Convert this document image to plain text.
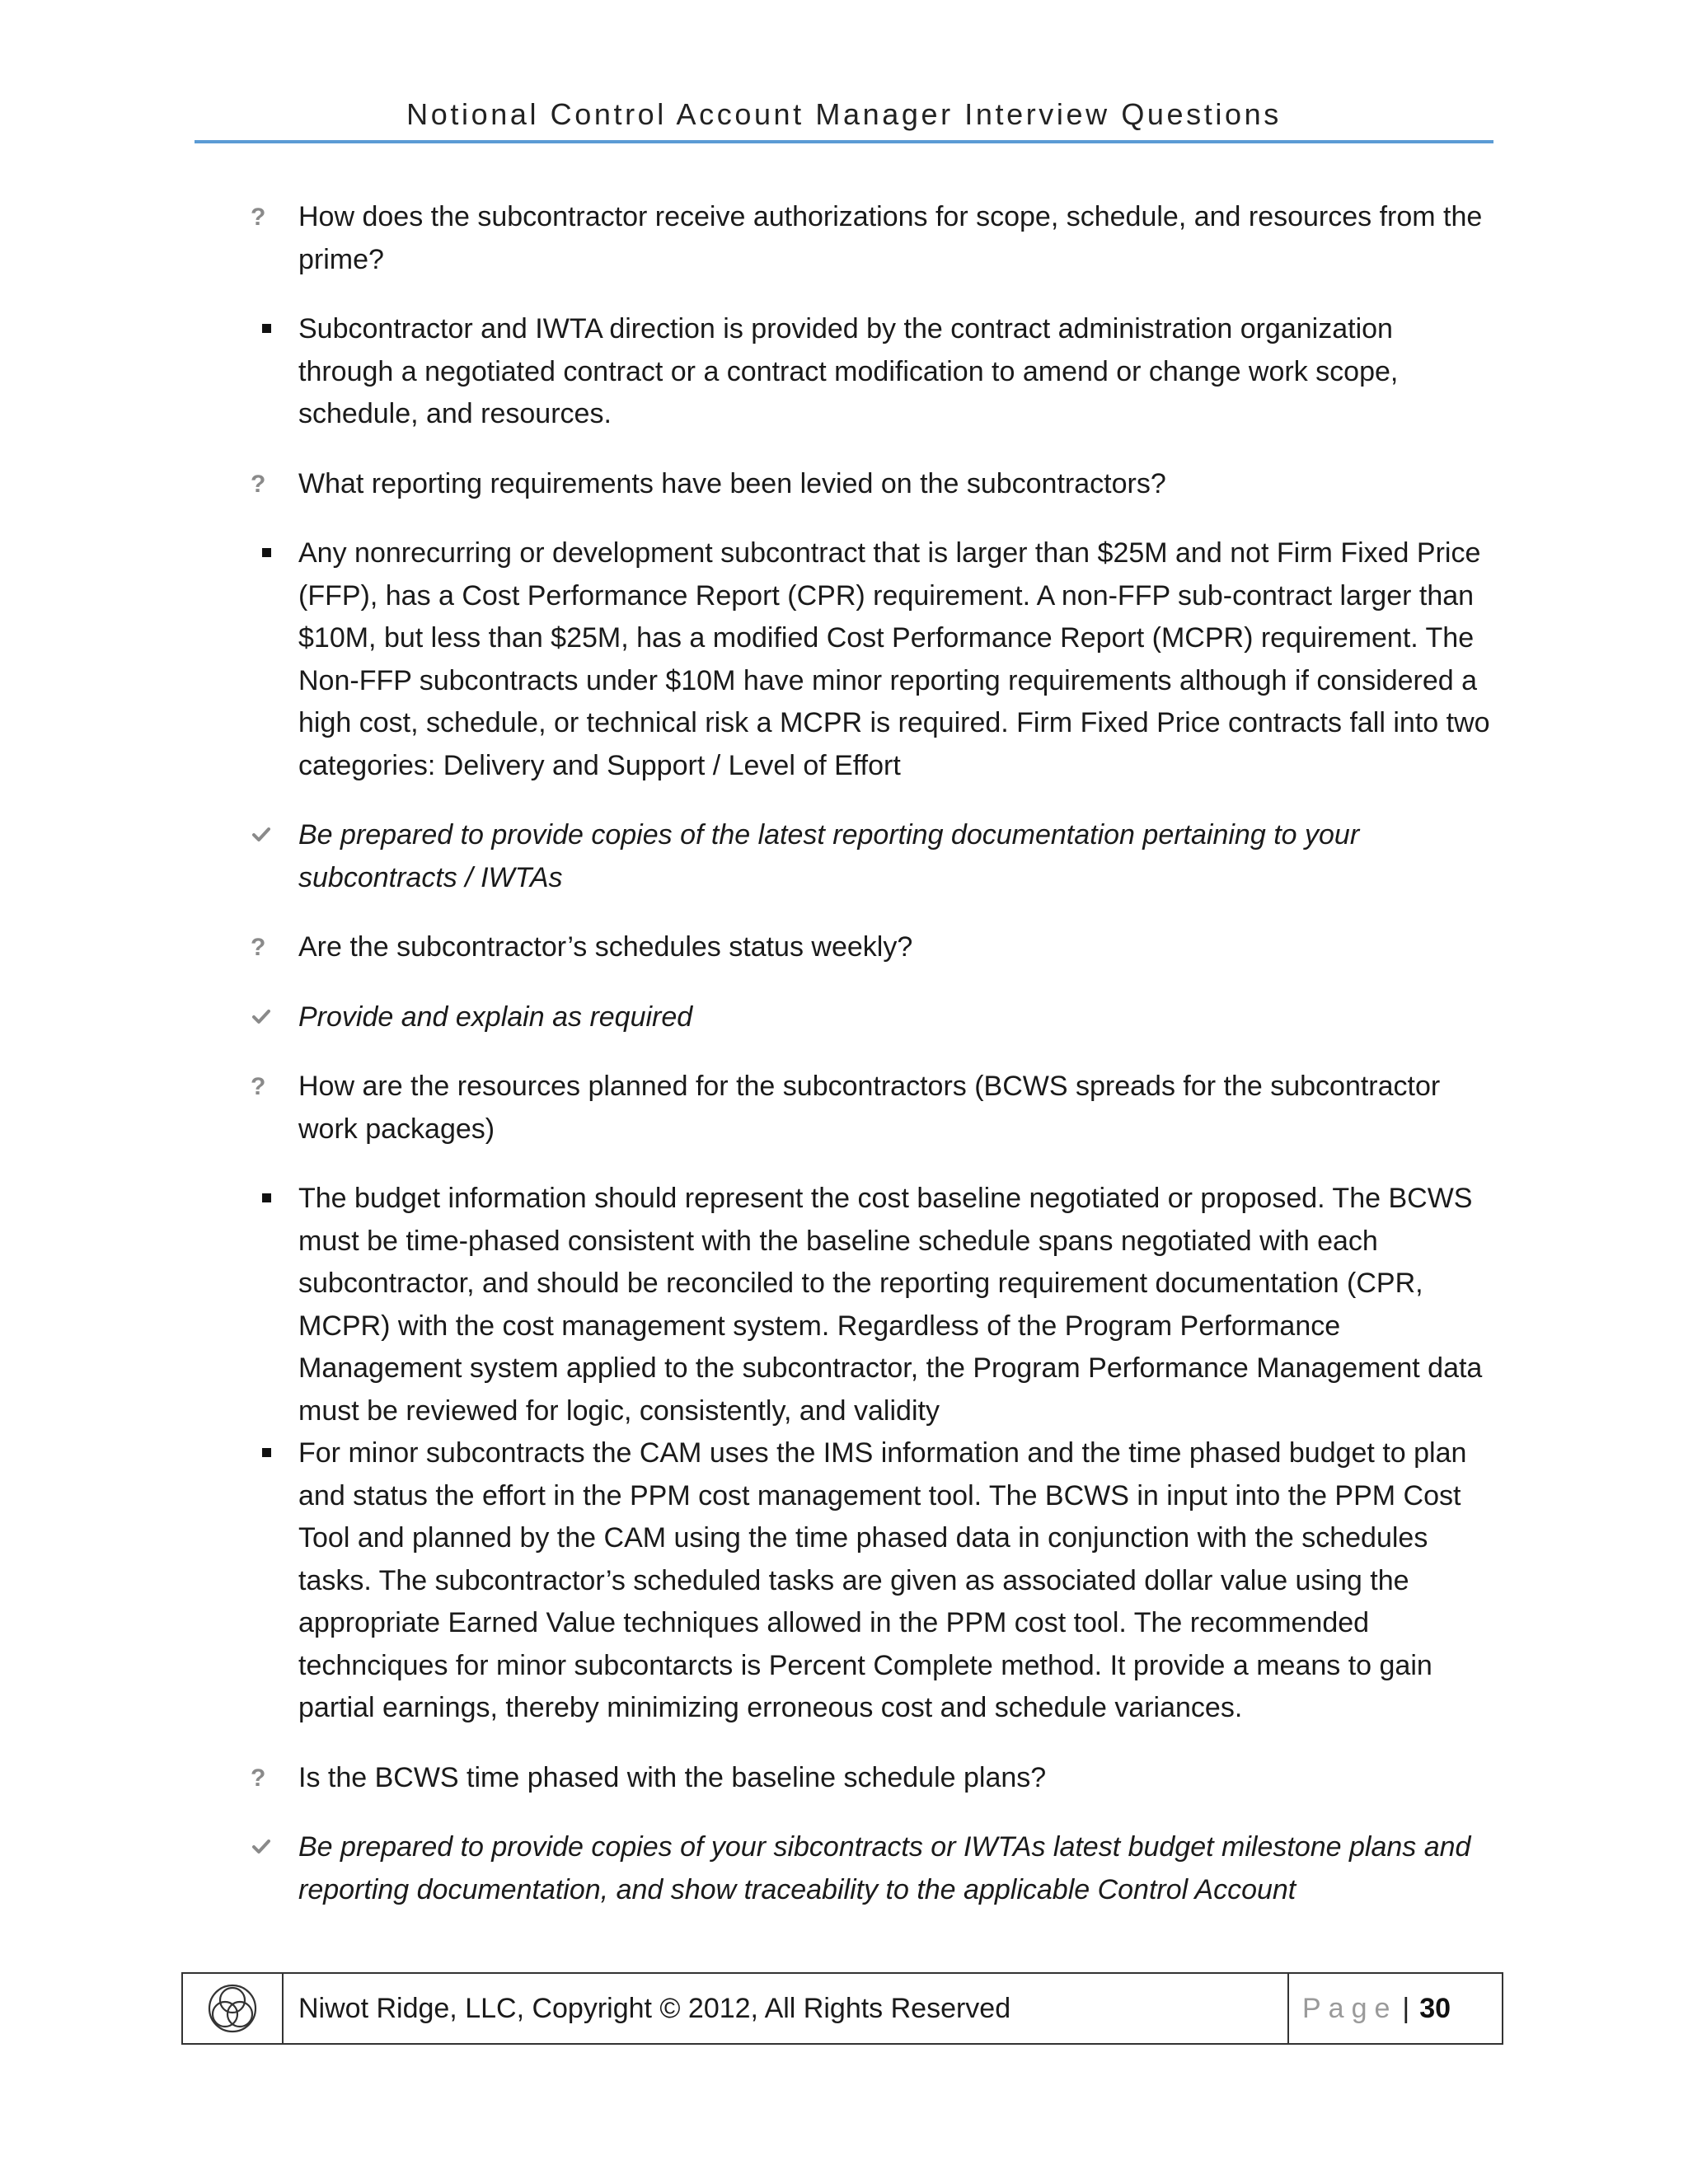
Notional Control Account Manager Interview Questions
?
How does the subcontractor receive authorizations for scope, schedule, and resources from the prime?
Subcontractor and IWTA direction is provided by the contract administration organization through a negotiated contract or a contract modification to amend or change work scope, schedule, and resources.
?
What reporting requirements have been levied on the subcontractors?
Any nonrecurring or development subcontract that is larger than $25M and not Firm Fixed Price (FFP), has a Cost Performance Report (CPR) requirement. A non-FFP sub-contract larger than $10M, but less than $25M, has a modified Cost Performance Report (MCPR) requirement. The Non-FFP subcontracts under $10M have minor reporting requirements although if considered a high cost, schedule, or technical risk a MCPR is required. Firm Fixed Price contracts fall into two categories: Delivery and Support / Level of Effort
Be prepared to provide copies of the latest reporting documentation pertaining to your subcontracts / IWTAs
?
Are the subcontractor’s schedules status weekly?
Provide and explain as required
?
How are the resources planned for the subcontractors (BCWS spreads for the subcontractor work packages)
The budget information should represent the cost baseline negotiated or proposed. The BCWS must be time-phased consistent with the baseline schedule spans negotiated with each subcontractor, and should be reconciled to the reporting requirement documentation (CPR, MCPR) with the cost management system. Regardless of the Program Performance Management system applied to the subcontractor, the Program Performance Management data must be reviewed for logic, consistently, and validity
For minor subcontracts the CAM uses the IMS information and the time phased budget to plan and status the effort in the PPM cost management tool. The BCWS in input into the PPM Cost Tool and planned by the CAM using the time phased data in conjunction with the schedules tasks. The subcontractor’s scheduled tasks are given as associated dollar value using the appropriate Earned Value techniques allowed in the PPM cost tool. The recommended technciques for minor subcontarcts is Percent Complete method. It provide a means to gain partial earnings, thereby minimizing erroneous cost and schedule variances.
?
Is the BCWS time phased with the baseline schedule plans?
Be prepared to provide copies of your sibcontracts or IWTAs latest budget milestone plans and reporting documentation, and show traceability to the applicable Control Account
Niwot Ridge, LLC, Copyright © 2012, All Rights Reserved	Page | 30
